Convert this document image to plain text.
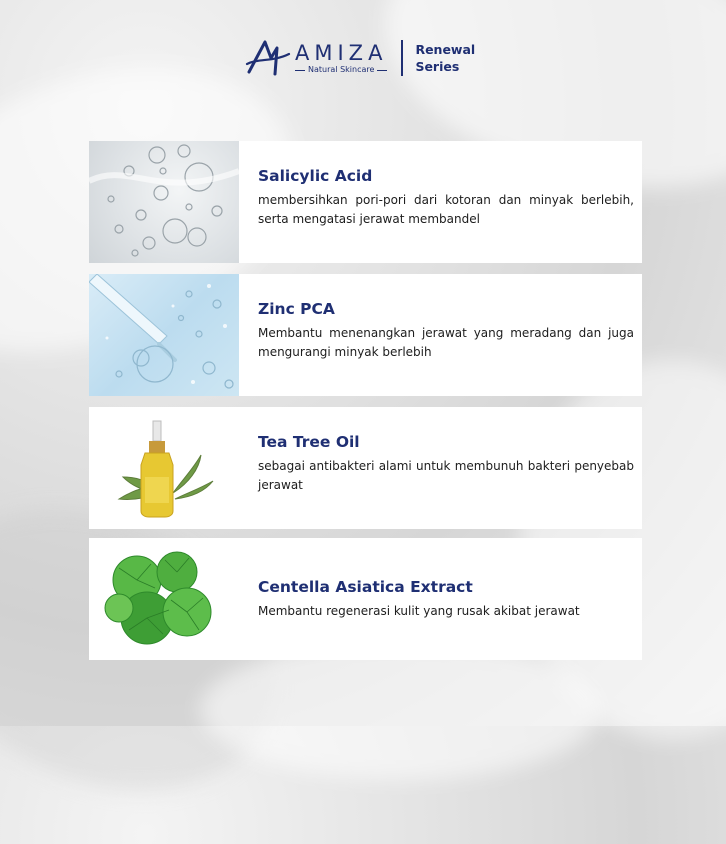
AMIZA
Natural Skincare
Renewal
Series

Salicylic Acid

membersihkan pori-pori dari kotoran dan minyak berlebih, serta mengatasi jerawat membandel

Zinc PCA

Membantu menenangkan jerawat yang meradang dan juga mengurangi minyak berlebih

Tea Tree Oil

sebagai antibakteri alami untuk membunuh bakteri penyebab jerawat

Centella Asiatica Extract

Membantu regenerasi kulit yang rusak akibat jerawat
